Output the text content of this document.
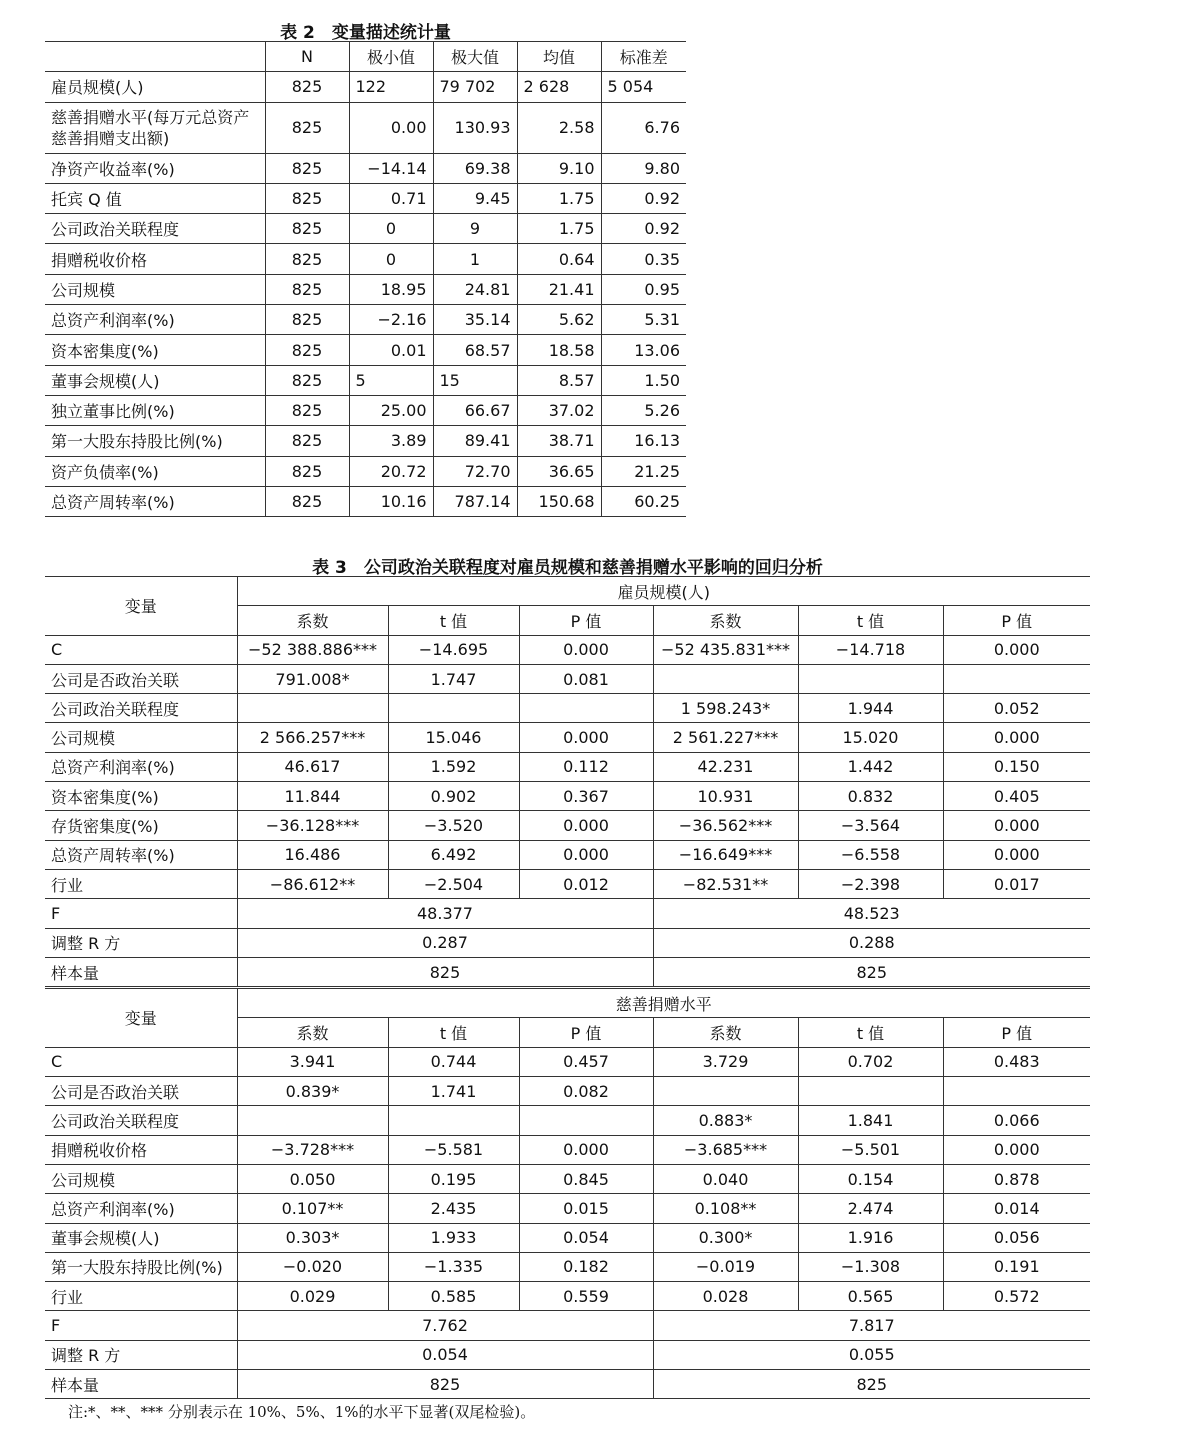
表 2　变量描述统计量
	N	极小值	极大值	均值	标准差
雇员规模(人)	825	122	79 702	2 628	5 054
慈善捐赠水平(每万元总资产慈善捐赠支出额)	825	0.00	130.93	2.58	6.76
净资产收益率(%)	825	−14.14	69.38	9.10	9.80
托宾 Q 值	825	0.71	9.45	1.75	0.92
公司政治关联程度	825	0	9	1.75	0.92
捐赠税收价格	825	0	1	0.64	0.35
公司规模	825	18.95	24.81	21.41	0.95
总资产利润率(%)	825	−2.16	35.14	5.62	5.31
资本密集度(%)	825	0.01	68.57	18.58	13.06
董事会规模(人)	825	5	15	8.57	1.50
独立董事比例(%)	825	25.00	66.67	37.02	5.26
第一大股东持股比例(%)	825	3.89	89.41	38.71	16.13
资产负债率(%)	825	20.72	72.70	36.65	21.25
总资产周转率(%)	825	10.16	787.14	150.68	60.25
表 3　公司政治关联程度对雇员规模和慈善捐赠水平影响的回归分析
变量	雇员规模(人)					
	系数	t 值	P 值	系数	t 值	P 值
C	−52 388.886***	−14.695	0.000	−52 435.831***	−14.718	0.000
公司是否政治关联	791.008*	1.747	0.081			
公司政治关联程度				1 598.243*	1.944	0.052
公司规模	2 566.257***	15.046	0.000	2 561.227***	15.020	0.000
总资产利润率(%)	46.617	1.592	0.112	42.231	1.442	0.150
资本密集度(%)	11.844	0.902	0.367	10.931	0.832	0.405
存货密集度(%)	−36.128***	−3.520	0.000	−36.562***	−3.564	0.000
总资产周转率(%)	16.486	6.492	0.000	−16.649***	−6.558	0.000
行业	−86.612**	−2.504	0.012	−82.531**	−2.398	0.017
F	48.377			48.523		
调整 R 方	0.287			0.288		
样本量	825			825		
变量	慈善捐赠水平					
	系数	t 值	P 值	系数	t 值	P 值
C	3.941	0.744	0.457	3.729	0.702	0.483
公司是否政治关联	0.839*	1.741	0.082			
公司政治关联程度				0.883*	1.841	0.066
捐赠税收价格	−3.728***	−5.581	0.000	−3.685***	−5.501	0.000
公司规模	0.050	0.195	0.845	0.040	0.154	0.878
总资产利润率(%)	0.107**	2.435	0.015	0.108**	2.474	0.014
董事会规模(人)	0.303*	1.933	0.054	0.300*	1.916	0.056
第一大股东持股比例(%)	−0.020	−1.335	0.182	−0.019	−1.308	0.191
行业	0.029	0.585	0.559	0.028	0.565	0.572
F	7.762			7.817		
调整 R 方	0.054			0.055		
样本量	825			825		
注:*、**、*** 分别表示在 10%、5%、1%的水平下显著(双尾检验)。
